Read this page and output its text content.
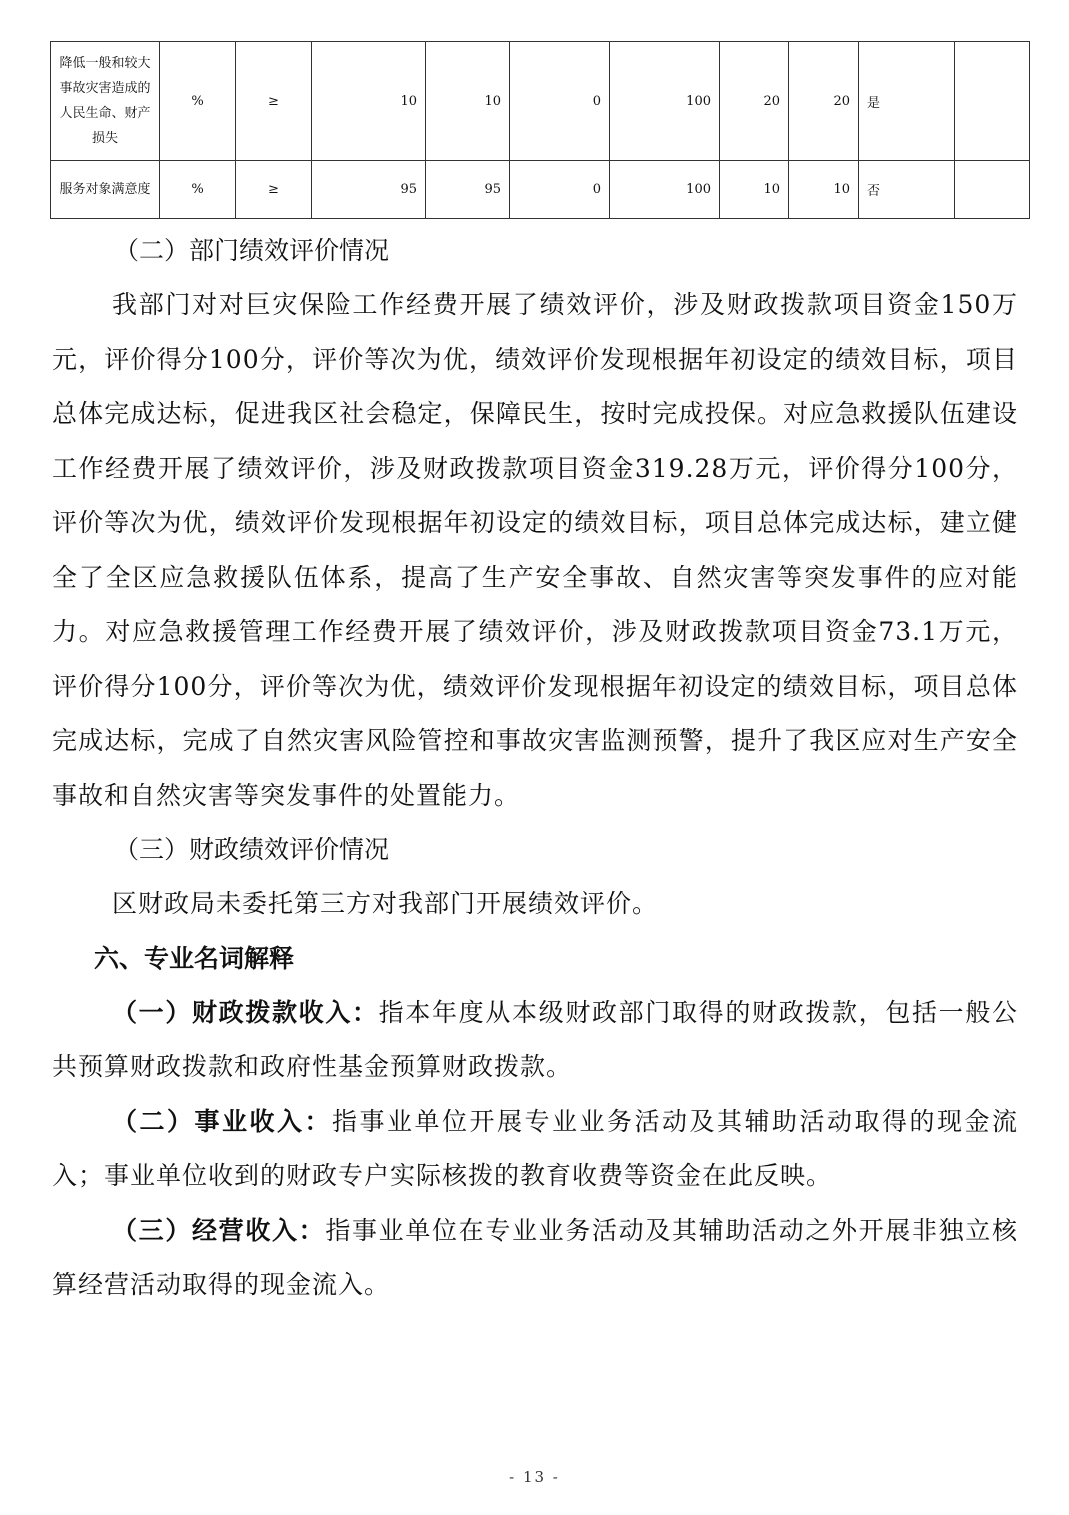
降低一般和较大事故灾害造成的人民生命、财产损失	%	≥	10	10	0	100	20	20	是	
服务对象满意度	%	≥	95	95	0	100	10	10	否	

（二）部门绩效评价情况

我部门对对巨灾保险工作经费开展了绩效评价，涉及财政拨款项目资金150万元，评价得分100分，评价等次为优，绩效评价发现根据年初设定的绩效目标，项目总体完成达标，促进我区社会稳定，保障民生，按时完成投保。对应急救援队伍建设工作经费开展了绩效评价，涉及财政拨款项目资金319.28万元，评价得分100分，评价等次为优，绩效评价发现根据年初设定的绩效目标，项目总体完成达标，建立健全了全区应急救援队伍体系，提高了生产安全事故、自然灾害等突发事件的应对能力。对应急救援管理工作经费开展了绩效评价，涉及财政拨款项目资金73.1万元，评价得分100分，评价等次为优，绩效评价发现根据年初设定的绩效目标，项目总体完成达标，完成了自然灾害风险管控和事故灾害监测预警，提升了我区应对生产安全事故和自然灾害等突发事件的处置能力。

（三）财政绩效评价情况

区财政局未委托第三方对我部门开展绩效评价。

六、专业名词解释

（一）财政拨款收入：指本年度从本级财政部门取得的财政拨款，包括一般公共预算财政拨款和政府性基金预算财政拨款。

（二）事业收入：指事业单位开展专业业务活动及其辅助活动取得的现金流入；事业单位收到的财政专户实际核拨的教育收费等资金在此反映。

（三）经营收入：指事业单位在专业业务活动及其辅助活动之外开展非独立核算经营活动取得的现金流入。

- 13 -
